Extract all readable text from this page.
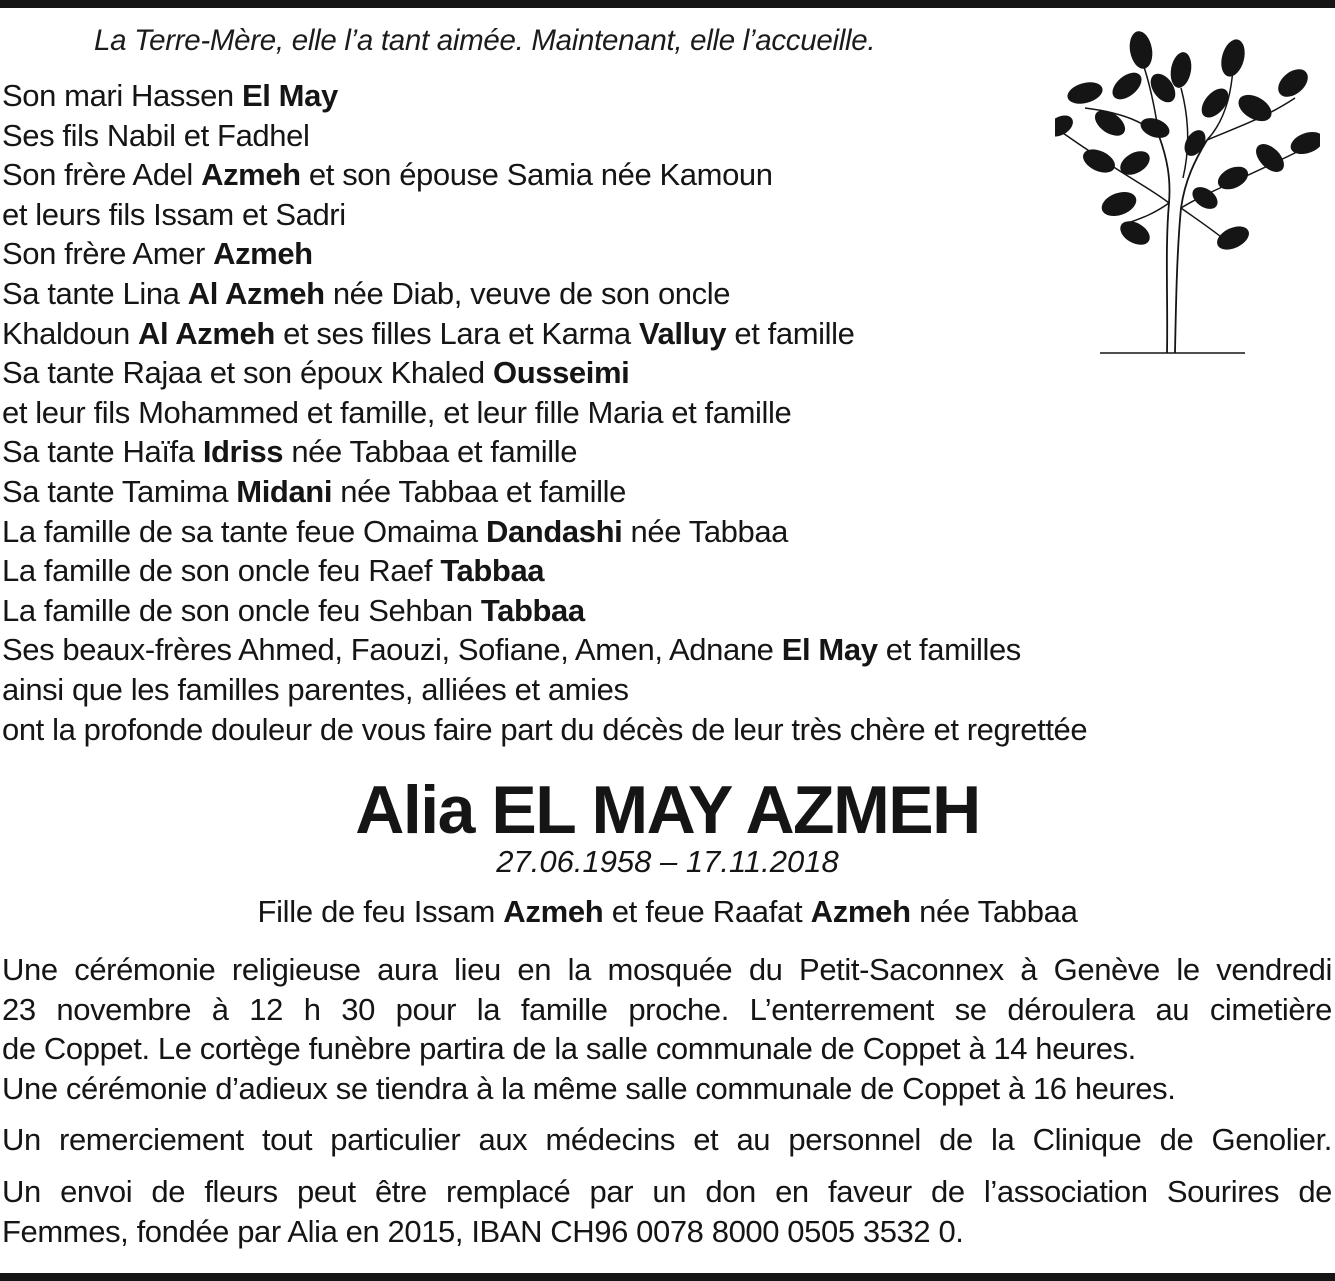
La Terre-Mère, elle l’a tant aimée. Maintenant, elle l’accueille.
Son mari Hassen El May
Ses fils Nabil et Fadhel
Son frère Adel Azmeh et son épouse Samia née Kamoun
et leurs fils Issam et Sadri
Son frère Amer Azmeh
Sa tante Lina Al Azmeh née Diab, veuve de son oncle
Khaldoun Al Azmeh et ses filles Lara et Karma Valluy et famille
Sa tante Rajaa et son époux Khaled Ousseimi
et leur fils Mohammed et famille, et leur fille Maria et famille
Sa tante Haïfa Idriss née Tabbaa et famille
Sa tante Tamima Midani née Tabbaa et famille
La famille de sa tante feue Omaima Dandashi née Tabbaa
La famille de son oncle feu Raef Tabbaa
La famille de son oncle feu Sehban Tabbaa
Ses beaux-frères Ahmed, Faouzi, Sofiane, Amen, Adnane El May et familles
ainsi que les familles parentes, alliées et amies
ont la profonde douleur de vous faire part du décès de leur très chère et regrettée
Alia EL MAY AZMEH
27.06.1958 – 17.11.2018
Fille de feu Issam Azmeh et feue Raafat Azmeh née Tabbaa
Une cérémonie religieuse aura lieu en la mosquée du Petit-Saconnex à Genève le vendredi
23 novembre à 12 h 30 pour la famille proche. L’enterrement se déroulera au cimetière
de Coppet. Le cortège funèbre partira de la salle communale de Coppet à 14 heures.
Une cérémonie d’adieux se tiendra à la même salle communale de Coppet à 16 heures.
Un remerciement tout particulier aux médecins et au personnel de la Clinique de Genolier.
Un envoi de fleurs peut être remplacé par un don en faveur de l’association Sourires de
Femmes, fondée par Alia en 2015, IBAN CH96 0078 8000 0505 3532 0.
